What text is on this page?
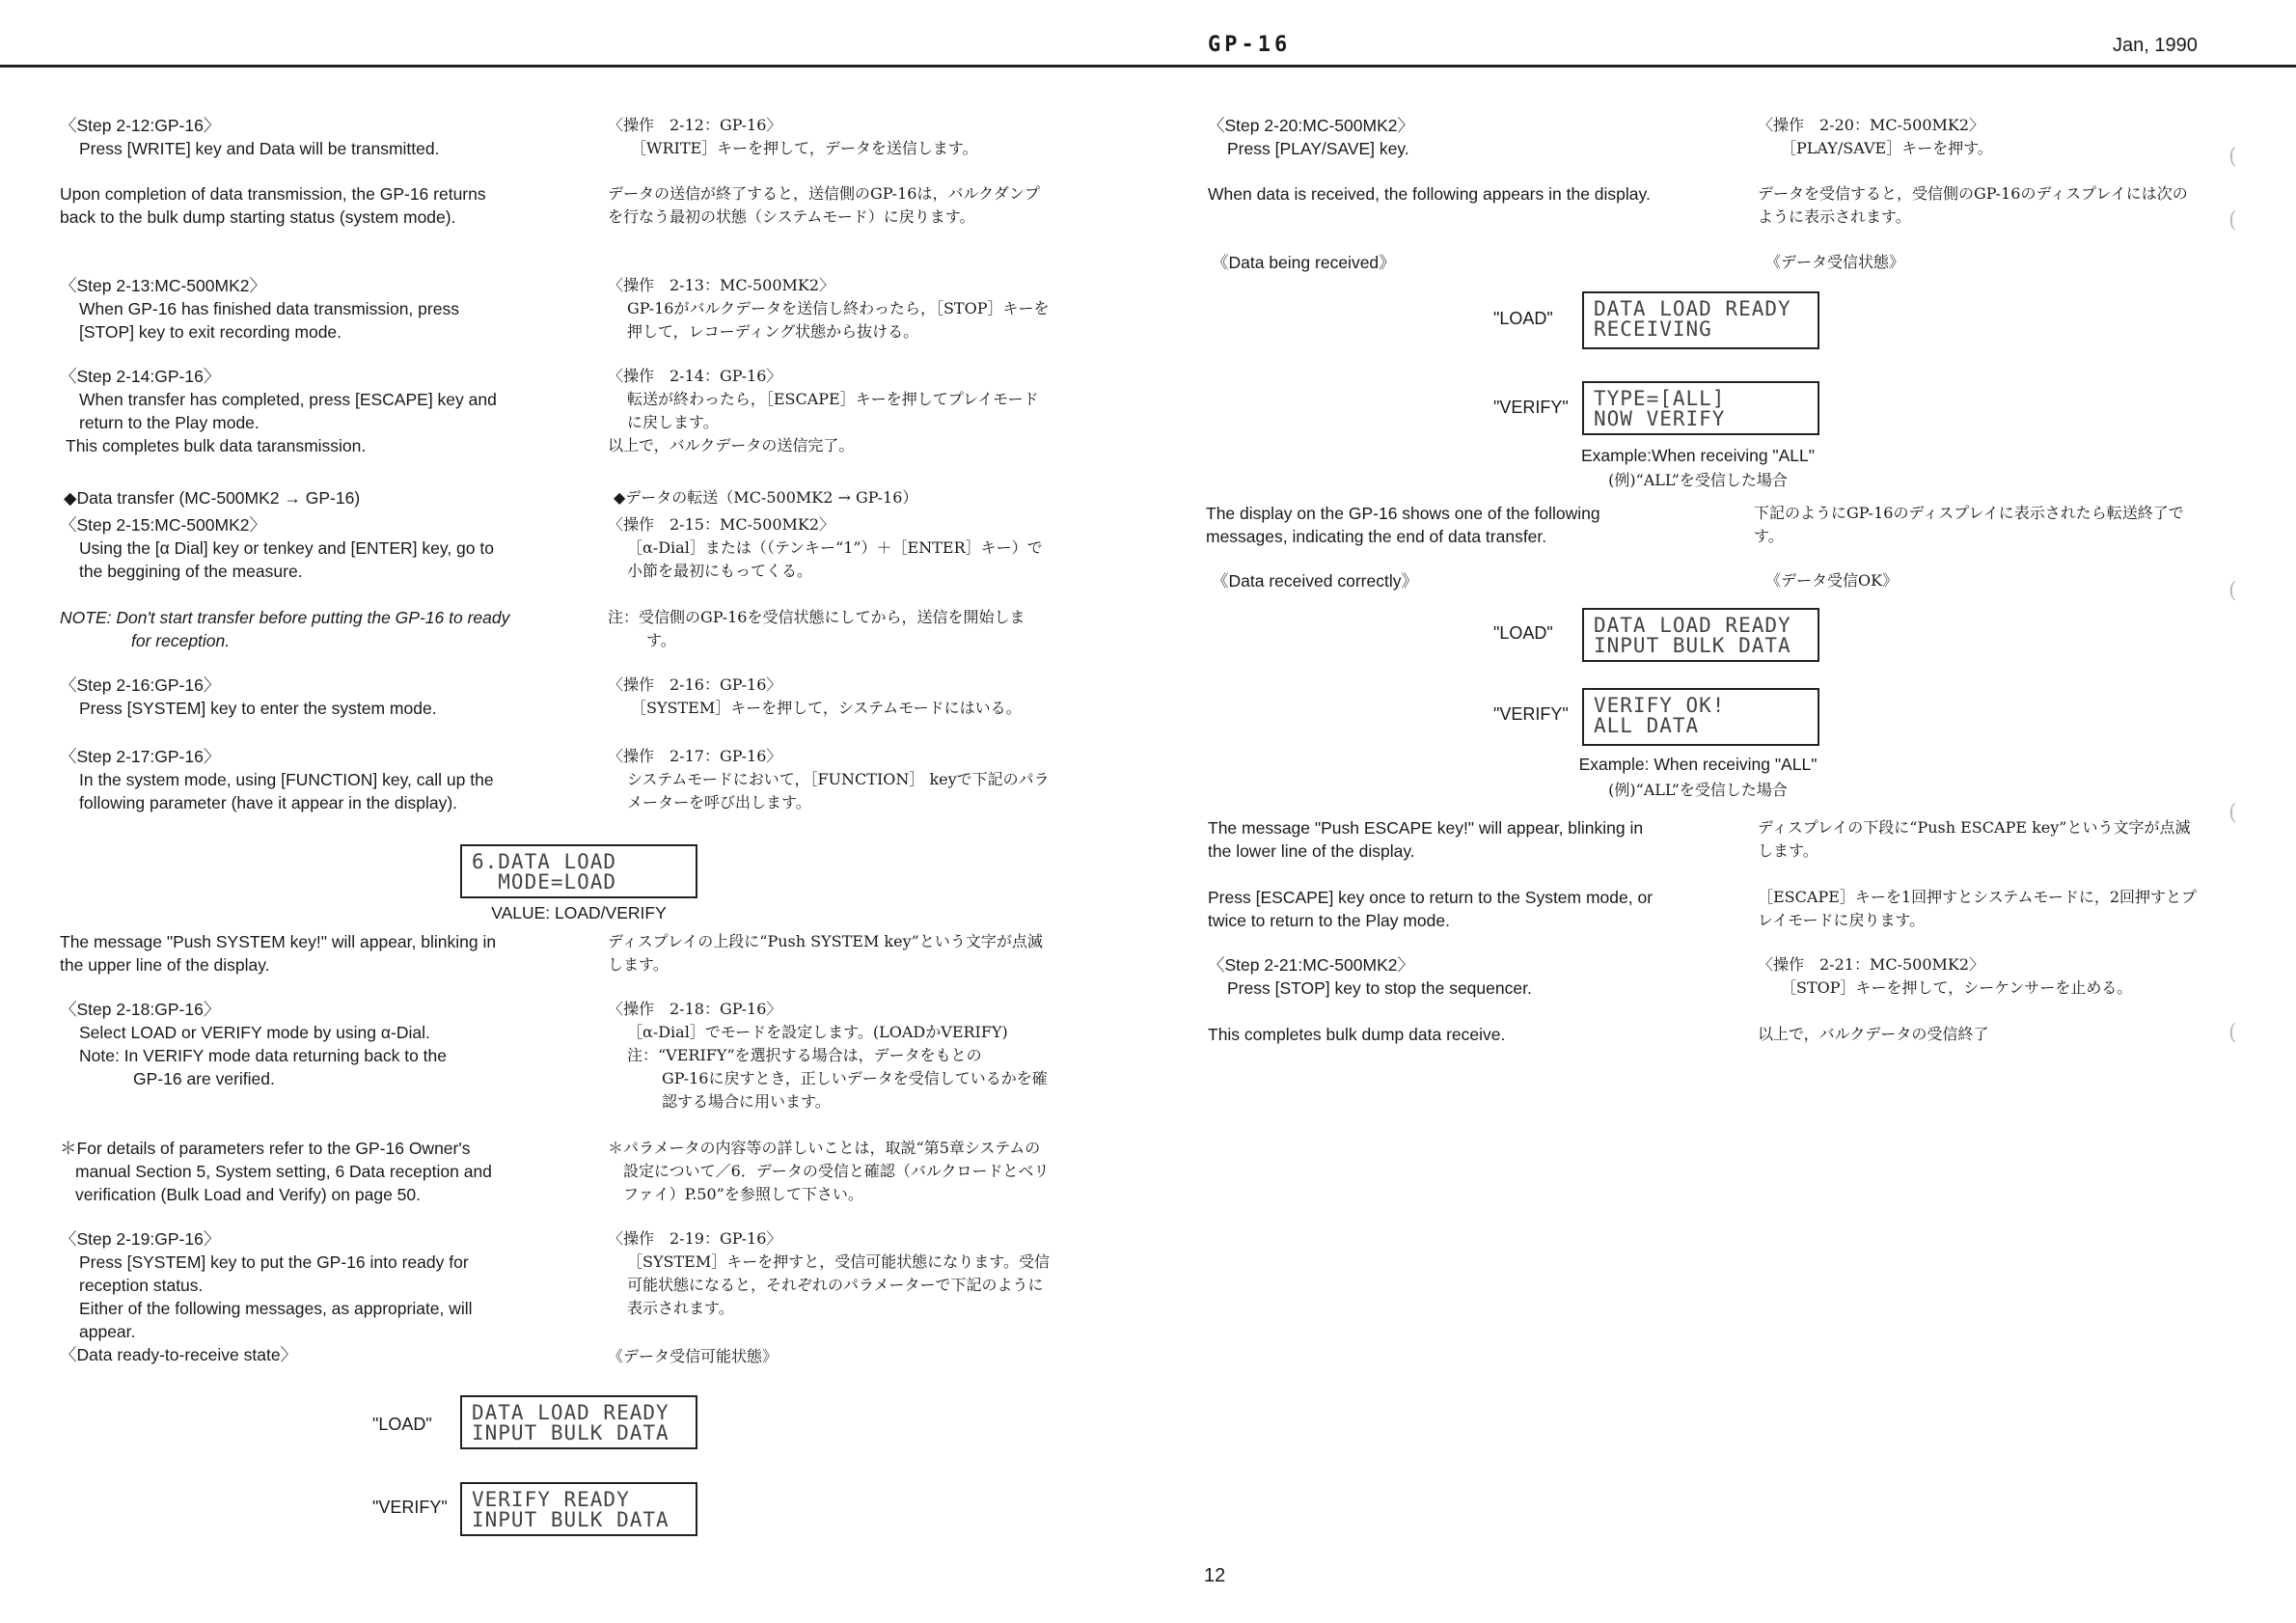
GP-16	Jan, 1990
〈Step 2-12:GP-16〉
Press [WRITE] key and Data will be transmitted.
Upon completion of data transmission, the GP-16 returns back to the bulk dump starting status (system mode).
〈Step 2-13:MC-500MK2〉
When GP-16 has finished data transmission, press [STOP] key to exit recording mode.
〈Step 2-14:GP-16〉
When transfer has completed, press [ESCAPE] key and return to the Play mode.
This completes bulk data taransmission.
◆Data transfer (MC-500MK2 → GP-16)
〈Step 2-15:MC-500MK2〉
Using the [α Dial] key or tenkey and [ENTER] key, go to the beggining of the measure.
NOTE: Don't start transfer before putting the GP-16 to ready for reception.
〈Step 2-16:GP-16〉
Press [SYSTEM] key to enter the system mode.
〈Step 2-17:GP-16〉
In the system mode, using [FUNCTION] key, call up the following parameter (have it appear in the display).
6.DATA LOAD
MODE=LOAD
VALUE: LOAD/VERIFY
The message "Push SYSTEM key!" will appear, blinking in the upper line of the display.
〈Step 2-18:GP-16〉
Select LOAD or VERIFY mode by using α-Dial.
Note: In VERIFY mode data returning back to the
GP-16 are verified.
＊For details of parameters refer to the GP-16 Owner's manual Section 5, System setting, 6 Data reception and verification (Bulk Load and Verify) on page 50.
〈Step 2-19:GP-16〉
Press [SYSTEM] key to put the GP-16 into ready for reception status.
Either of the following messages, as appropriate, will appear.
〈Data ready-to-receive state〉
"LOAD" DATA LOAD READY
INPUT BULK DATA
"VERIFY" VERIFY READY
INPUT BULK DATA
〈操作　2-12：GP-16〉
［WRITE］キーを押して，データを送信します。
データの送信が終了すると，送信側のGP-16は，バルクダンプを行なう最初の状態（システムモード）に戻ります。
〈操作　2-13：MC-500MK2〉
GP-16がバルクデータを送信し終わったら，［STOP］キーを押して，レコーディング状態から抜ける。
〈操作　2-14：GP-16〉
転送が終わったら，［ESCAPE］キーを押してプレイモードに戻します。
以上で，バルクデータの送信完了。
◆データの転送（MC-500MK2 → GP-16）
〈操作　2-15：MC-500MK2〉
［α-Dial］または（（テンキー“1”）＋［ENTER］キー）で小節を最初にもってくる。
注：受信側のGP-16を受信状態にしてから，送信を開始します。
〈操作　2-16：GP-16〉
［SYSTEM］キーを押して，システムモードにはいる。
〈操作　2-17：GP-16〉
システムモードにおいて，［FUNCTION］ keyで下記のパラメーターを呼び出します。
ディスプレイの上段に“Push SYSTEM key”という文字が点滅します。
〈操作　2-18：GP-16〉
［α-Dial］でモードを設定します。(LOADかVERIFY)
注：“VERIFY”を選択する場合は，データをもとの
GP-16に戻すとき，正しいデータを受信しているかを確認する場合に用います。
＊パラメータの内容等の詳しいことは，取説“第5章システムの設定について／6．データの受信と確認（バルクロードとベリファイ）P.50”を参照して下さい。
〈操作　2-19：GP-16〉
［SYSTEM］キーを押すと，受信可能状態になります。受信可能状態になると，それぞれのパラメーターで下記のように表示されます。
《データ受信可能状態》
〈Step 2-20:MC-500MK2〉
Press [PLAY/SAVE] key.
When data is received, the following appears in the display.
《Data being received》
"LOAD" DATA LOAD READY
RECEIVING
"VERIFY" TYPE=[ALL]
NOW VERIFY
Example:When receiving "ALL"
(例)“ALL”を受信した場合
The display on the GP-16 shows one of the following messages, indicating the end of data transfer.
《Data received correctly》
"LOAD" DATA LOAD READY
INPUT BULK DATA
"VERIFY" VERIFY OK!
ALL DATA
Example: When receiving "ALL"
(例)“ALL”を受信した場合
The message "Push ESCAPE key!" will appear, blinking in the lower line of the display.
Press [ESCAPE] key once to return to the System mode, or twice to return to the Play mode.
〈Step 2-21:MC-500MK2〉
Press [STOP] key to stop the sequencer.
This completes bulk dump data receive.
〈操作　2-20：MC-500MK2〉
［PLAY/SAVE］キーを押す。
データを受信すると，受信側のGP-16のディスプレイには次のように表示されます。
《データ受信状態》
下記のようにGP-16のディスプレイに表示されたら転送終了です。
《データ受信OK》
ディスプレイの下段に“Push ESCAPE key”という文字が点滅します。
［ESCAPE］キーを1回押すとシステムモードに，2回押すとプレイモードに戻ります。
〈操作　2-21：MC-500MK2〉
［STOP］キーを押して，シーケンサーを止める。
以上で，バルクデータの受信終了
(
(
(
(
(
12
